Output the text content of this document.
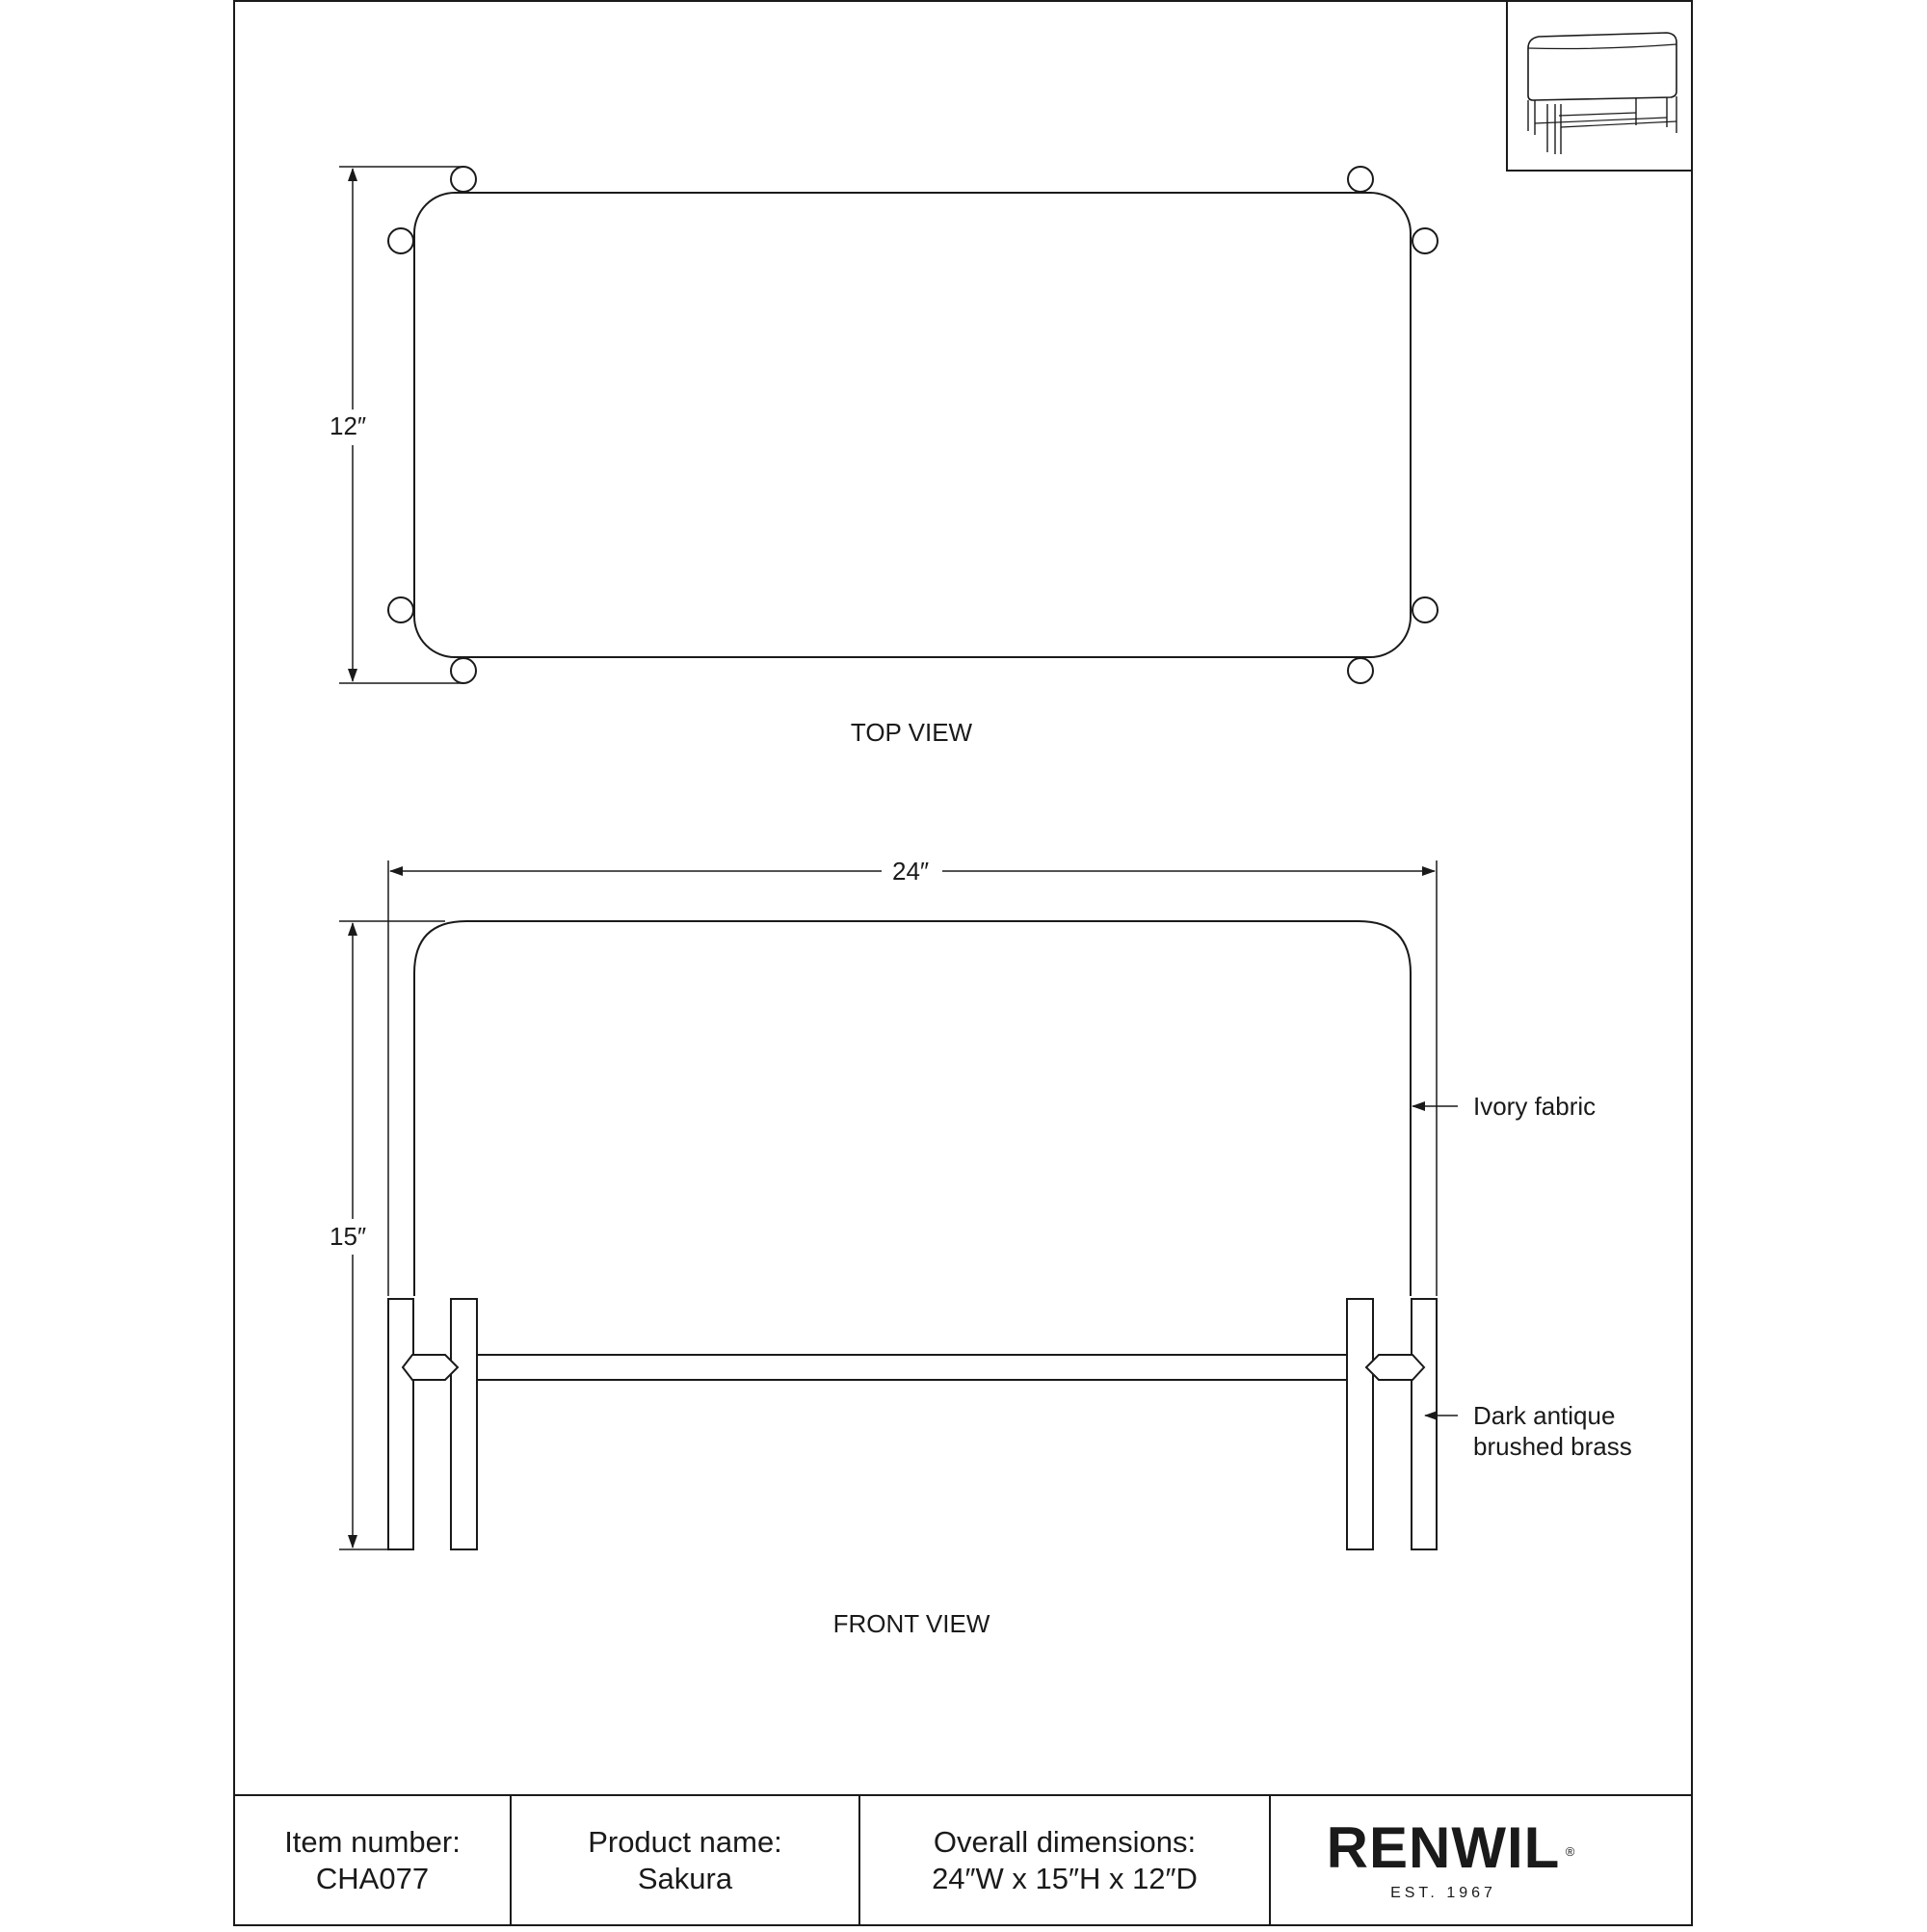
12″
TOP VIEW
24″
15″
Ivory fabric
Dark antique
brushed brass
FRONT VIEW
Item number:
CHA077
Product name:
Sakura
Overall dimensions:
24″W x 15″H x 12″D RENWIL ®
EST. 1967
